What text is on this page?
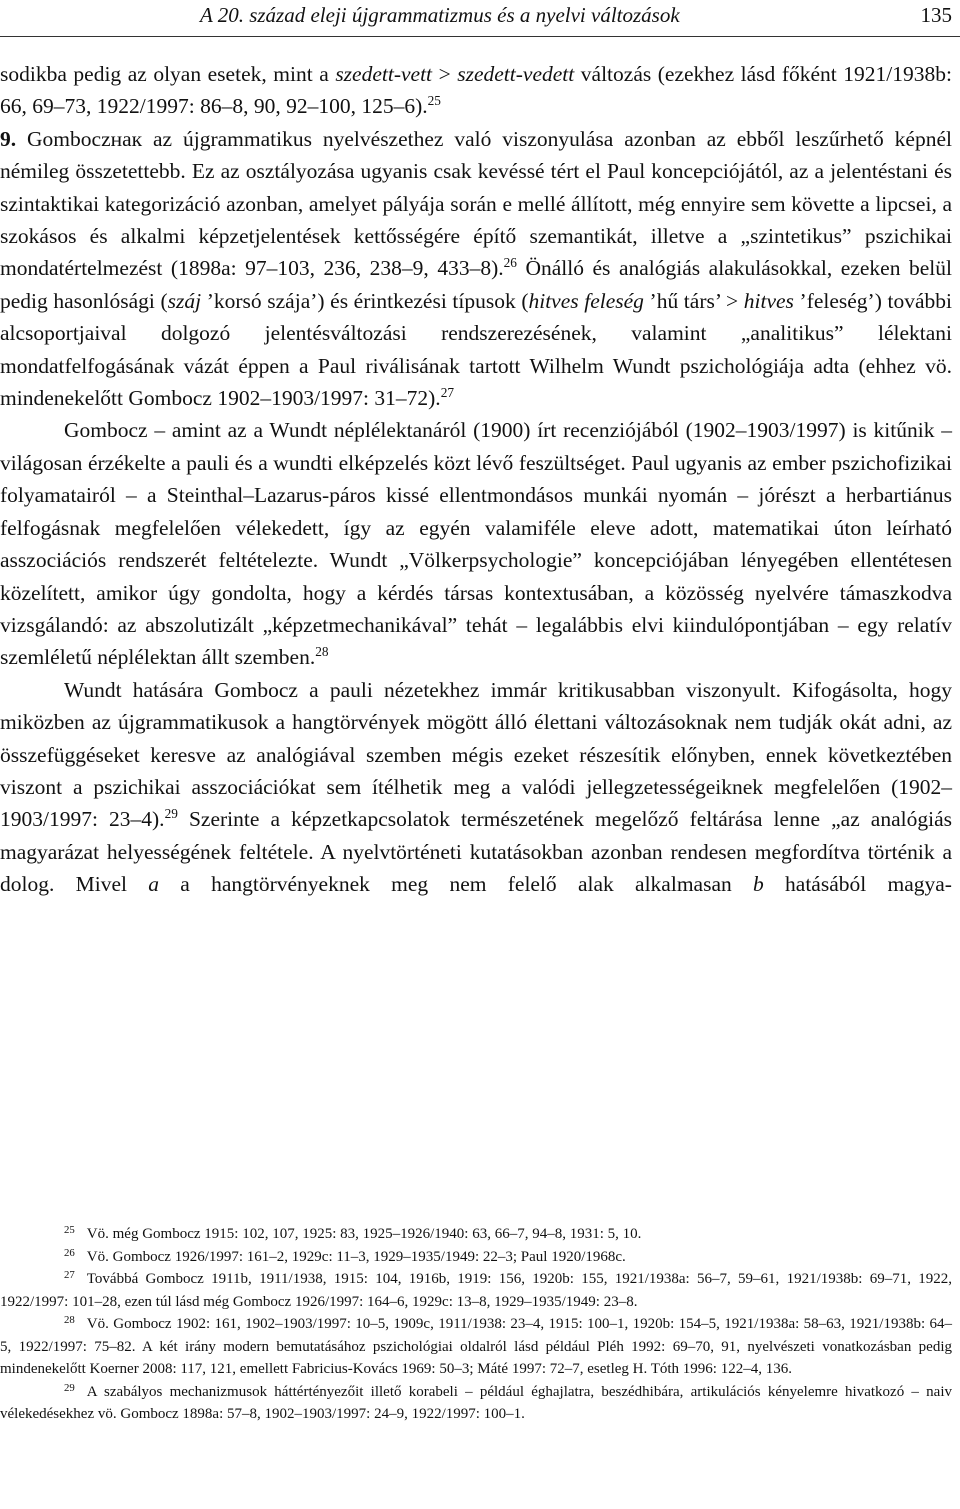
A 20. század eleji újgrammatizmus és a nyelvi változások	135

sodikba pedig az olyan esetek, mint a szedett-vett > szedett-vedett változás (ezekhez lásd főként 1921/1938b: 66, 69–73, 1922/1997: 86–8, 90, 92–100, 125–6).$^{25}$

9. Gomboczнак az újgrammatikus nyelvészethez való viszonyulása azonban az ebből leszűrhető képnél némileg összetettebb. Ez az osztályozása ugyanis csak kevéssé tért el Paul koncepciójától, az a jelentéstani és szintaktikai kategorizáció azonban, amelyet pályája során e mellé állított, még ennyire sem követte a lipcsei, a szokásos és alkalmi képzetjelentések kettősségére építő szemantikát, illetve a „szintetikus” pszichikai mondatértelmezést (1898a: 97–103, 236, 238–9, 433–8).$^{26}$ Önálló és analógiás alakulásokkal, ezeken belül pedig hasonlósági (száj ’korsó szája’) és érintkezési típusok (hitves feleség ’hű társ’ > hitves ’feleség’) további alcsoportjaival dolgozó jelentésváltozási rendszerezésének, valamint „analitikus” lélektani mondatfelfogásának vázát éppen a Paul riválisának tartott Wilhelm Wundt pszichológiája adta (ehhez vö. mindenekelőtt Gombocz 1902–1903/1997: 31–72).$^{27}$

Gombocz – amint az a Wundt néplélektanáról (1900) írt recenziójából (1902–1903/1997) is kitűnik – világosan érzékelte a pauli és a wundti elképzelés közt lévő feszültséget. Paul ugyanis az ember pszichofizikai folyamatairól – a Steinthal–Lazarus-páros kissé ellentmondásos munkái nyomán – jórészt a herbartiánus felfogásnak megfelelően vélekedett, így az egyén valamiféle eleve adott, matematikai úton leírható asszociációs rendszerét feltételezte. Wundt „Völkerpsychologie” koncepciójában lényegében ellentétesen közelített, amikor úgy gondolta, hogy a kérdés társas kontextusában, a közösség nyelvére támaszkodva vizsgálandó: az abszolutizált „képzetmechanikával” tehát – legalábbis elvi kiindulópontjában – egy relatív szemléletű néplélektan állt szemben.$^{28}$

Wundt hatására Gombocz a pauli nézetekhez immár kritikusabban viszonyult. Kifogásolta, hogy miközben az újgrammatikusok a hangtörvények mögött álló élettani változásoknak nem tudják okát adni, az összefüggéseket keresve az analógiával szemben mégis ezeket részesítik előnyben, ennek következtében viszont a pszichikai asszociációkat sem ítélhetik meg a valódi jellegzetességeiknek megfelelően (1902–1903/1997: 23–4).$^{29}$ Szerinte a képzetkapcsolatok természetének megelőző feltárása lenne „az analógiás magyarázat helyességének feltétele. A nyelvtörténeti kutatásokban azonban rendesen megfordítva történik a dolog. Mivel a a hangtörvényeknek meg nem felelő alak alkalmasan b hatásából magya-

$^{25}$ Vö. még Gombocz 1915: 102, 107, 1925: 83, 1925–1926/1940: 63, 66–7, 94–8, 1931: 5, 10.

$^{26}$ Vö. Gombocz 1926/1997: 161–2, 1929c: 11–3, 1929–1935/1949: 22–3; Paul 1920/1968c.

$^{27}$ Továbbá Gombocz 1911b, 1911/1938, 1915: 104, 1916b, 1919: 156, 1920b: 155, 1921/1938a: 56–7, 59–61, 1921/1938b: 69–71, 1922, 1922/1997: 101–28, ezen túl lásd még Gombocz 1926/1997: 164–6, 1929c: 13–8, 1929–1935/1949: 23–8.

$^{28}$ Vö. Gombocz 1902: 161, 1902–1903/1997: 10–5, 1909c, 1911/1938: 23–4, 1915: 100–1, 1920b: 154–5, 1921/1938a: 58–63, 1921/1938b: 64–5, 1922/1997: 75–82. A két irány modern bemutatásához pszichológiai oldalról lásd például Pléh 1992: 69–70, 91, nyelvészeti vonatkozásban pedig mindenekelőtt Koerner 2008: 117, 121, emellett Fabricius-Kovács 1969: 50–3; Máté 1997: 72–7, esetleg H. Tóth 1996: 122–4, 136.

$^{29}$ A szabályos mechanizmusok háttértényezőit illető korabeli – például éghajlatra, beszédhibára, artikulációs kényelemre hivatkozó – naiv vélekedésekhez vö. Gombocz 1898a: 57–8, 1902–1903/1997: 24–9, 1922/1997: 100–1.
